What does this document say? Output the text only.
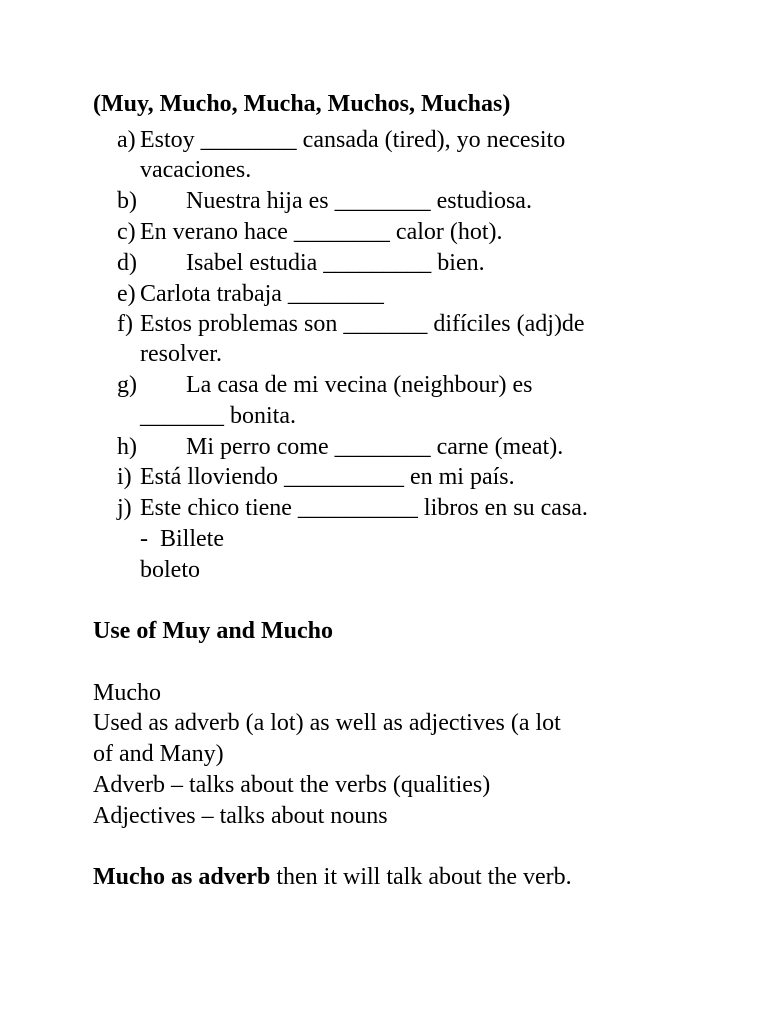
(Muy, Mucho, Mucha, Muchos, Muchas)
a) Estoy ________ cansada (tired), yo necesito
vacaciones.
b) Nuestra hija es ________ estudiosa.
c) En verano hace ________ calor (hot).
d) Isabel estudia _________ bien.
e) Carlota trabaja ________
f) Estos problemas son _______ difíciles (adj)de
resolver.
g) La casa de mi vecina (neighbour) es
_______ bonita.
h) Mi perro come ________ carne (meat).
i) Está lloviendo __________ en mi país.
j) Este chico tiene __________ libros en su casa.
-  Billete
boleto
Use of Muy and Mucho
Mucho
Used as adverb (a lot) as well as adjectives (a lot
of and Many)
Adverb – talks about the verbs (qualities)
Adjectives – talks about nouns
Mucho as adverb then it will talk about the verb.
